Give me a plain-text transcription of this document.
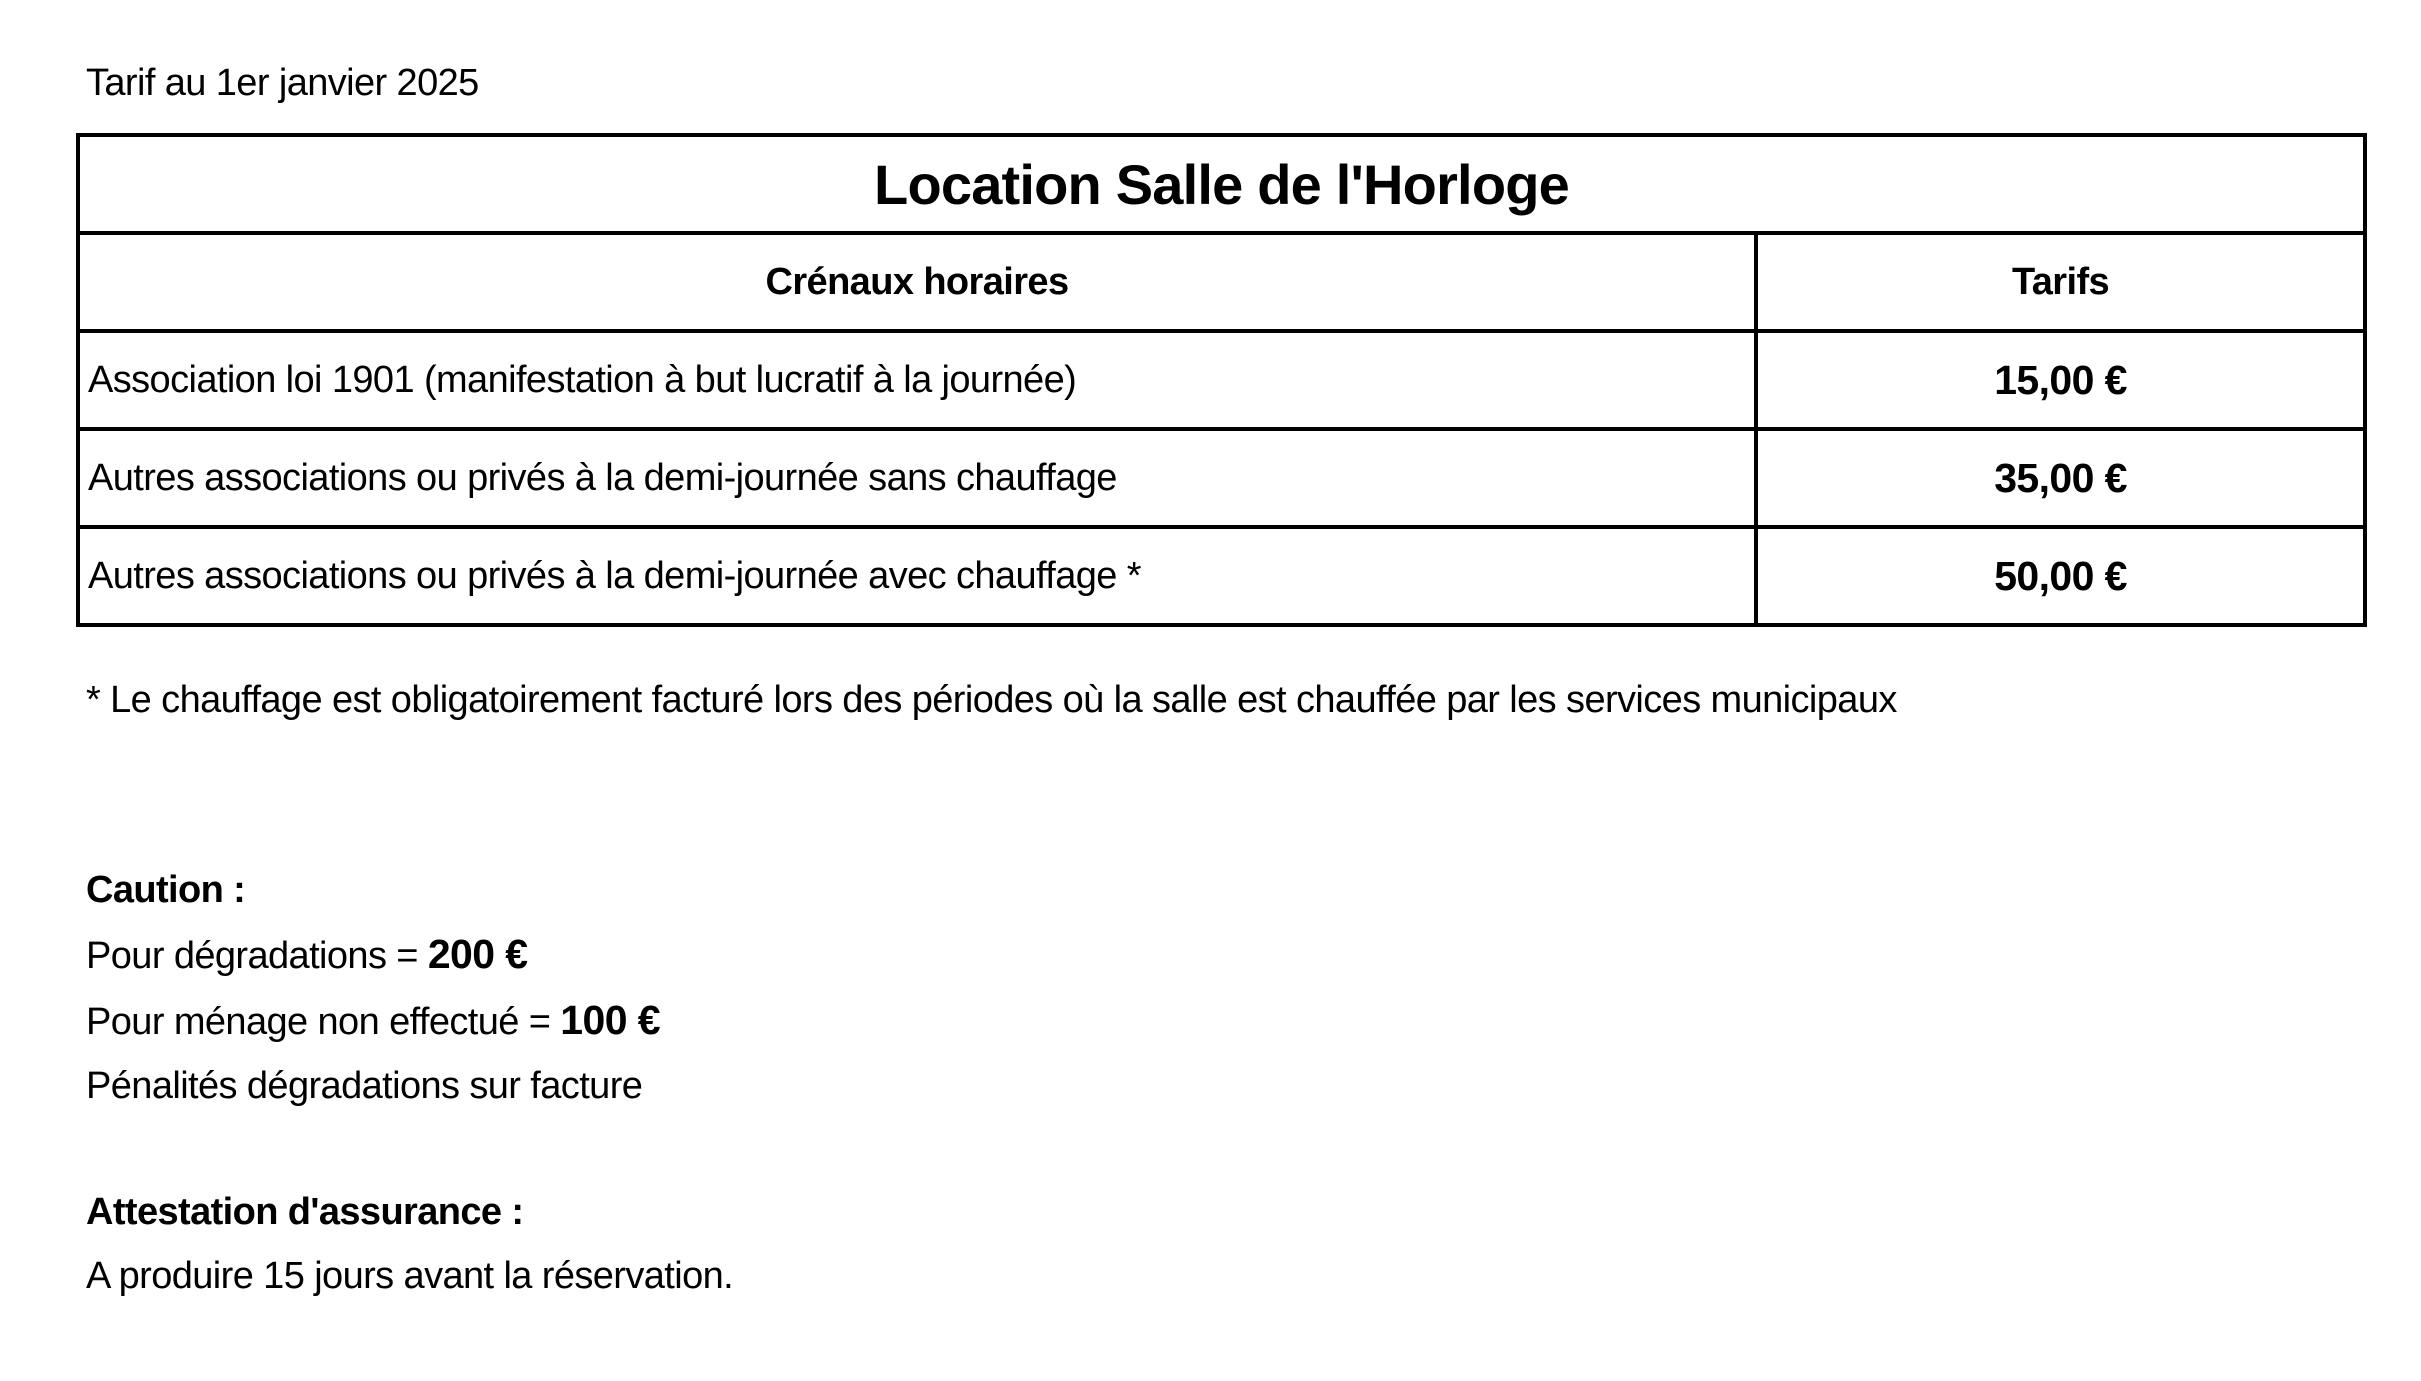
Tarif au 1er janvier 2025
Location Salle de l'Horloge	
Crénaux horaires	Tarifs
Association loi 1901 (manifestation à but lucratif à la journée)	15,00 €
Autres associations ou privés à la demi-journée sans chauffage	35,00 €
Autres associations ou privés à la demi-journée avec chauffage *	50,00 €
* Le chauffage est obligatoirement facturé lors des périodes où la salle est chauffée par les services municipaux
Caution :
Pour dégradations = 200 €
Pour ménage non effectué = 100 €
Pénalités dégradations sur facture
Attestation d'assurance :
A produire 15 jours avant la réservation.
